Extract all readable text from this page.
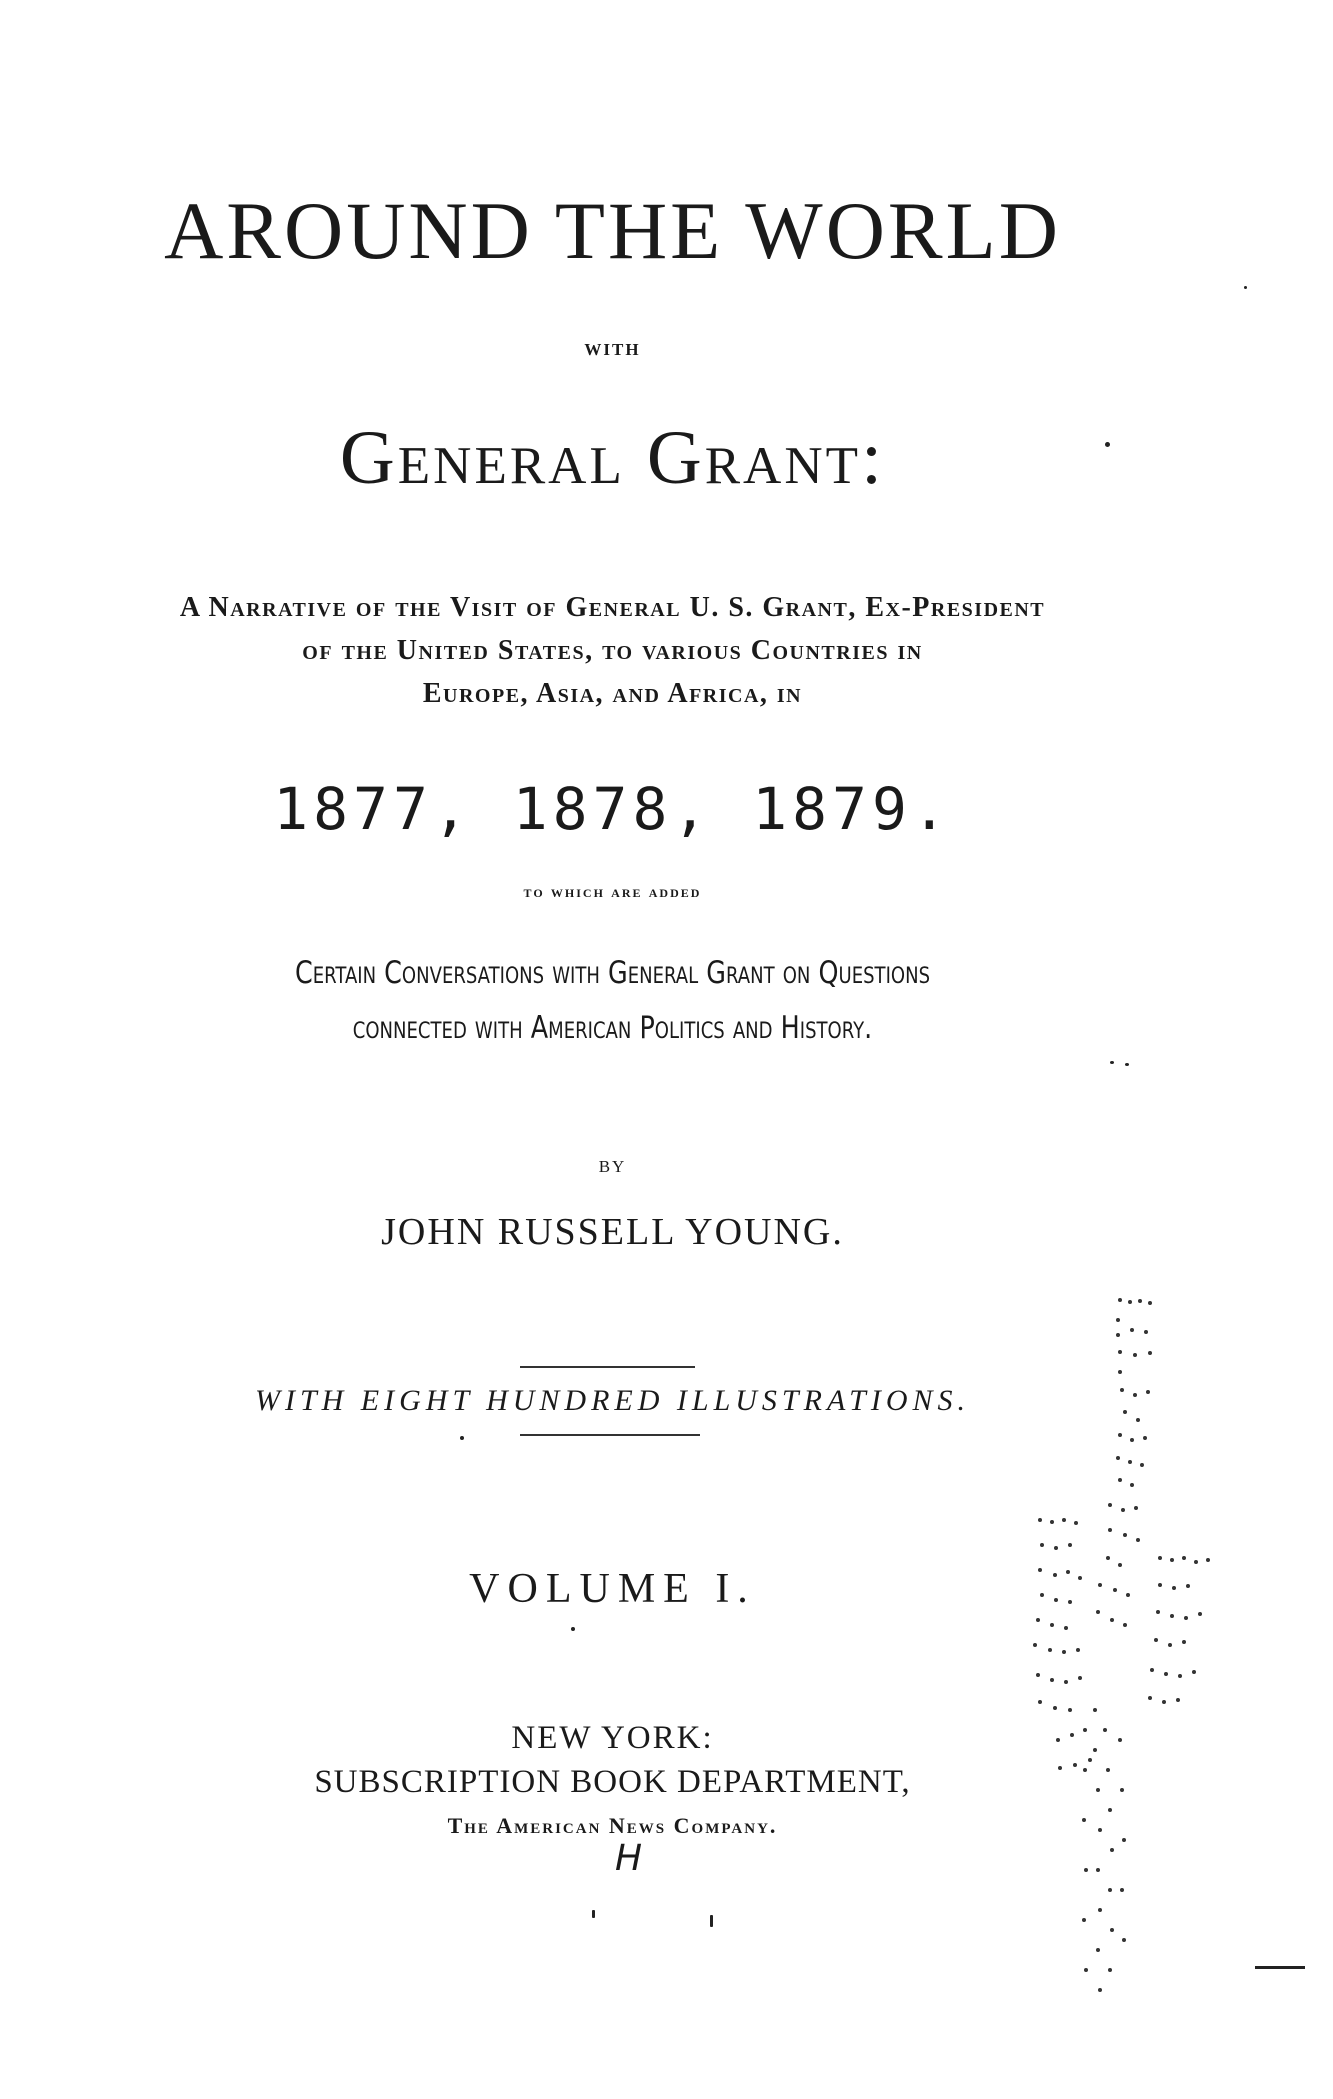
AROUND THE WORLD
WITH
General Grant:
A Narrative of the Visit of General U. S. Grant, Ex-President
of the United States, to various Countries in
Europe, Asia, and Africa, in
1877, 1878, 1879.
to which are added
Certain Conversations with General Grant on Questions
connected with American Politics and History.
BY
JOHN RUSSELL YOUNG.
WITH EIGHT HUNDRED ILLUSTRATIONS.
VOLUME I.
NEW YORK:
SUBSCRIPTION BOOK DEPARTMENT,
The American News Company.
H
